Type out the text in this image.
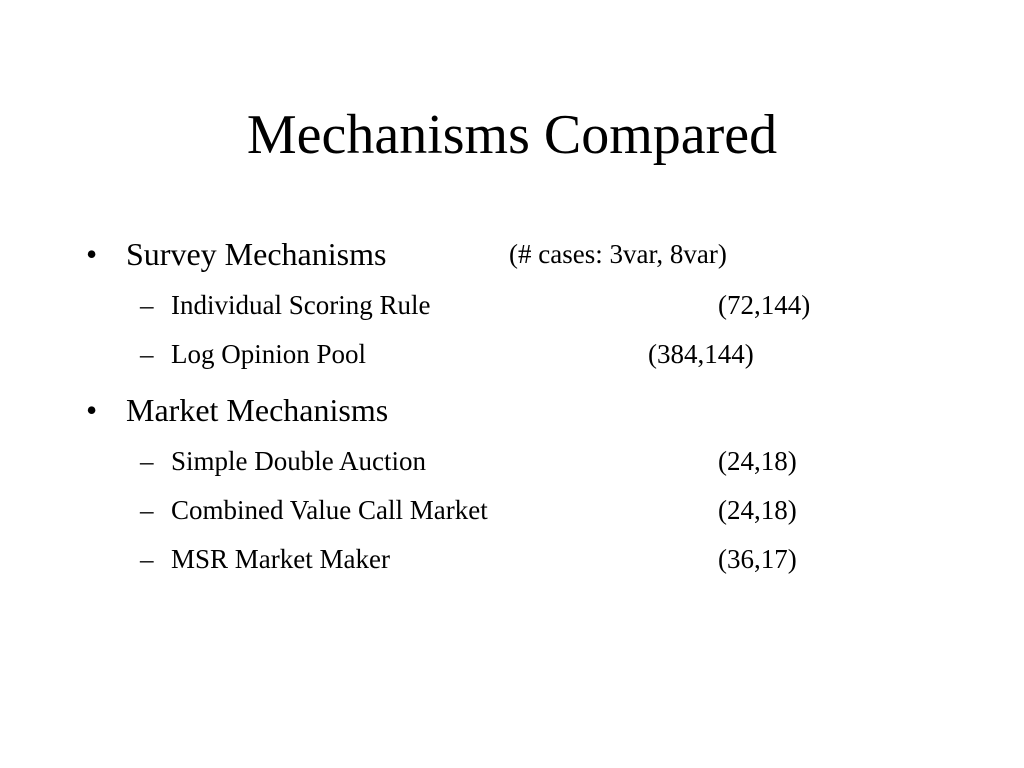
Mechanisms Compared
• Survey Mechanisms	(# cases: 3var, 8var)
– Individual Scoring Rule	(72,144)
– Log Opinion Pool	(384,144)
• Market Mechanisms
– Simple Double Auction	(24,18)
– Combined Value Call Market	(24,18)
– MSR Market Maker	(36,17)
